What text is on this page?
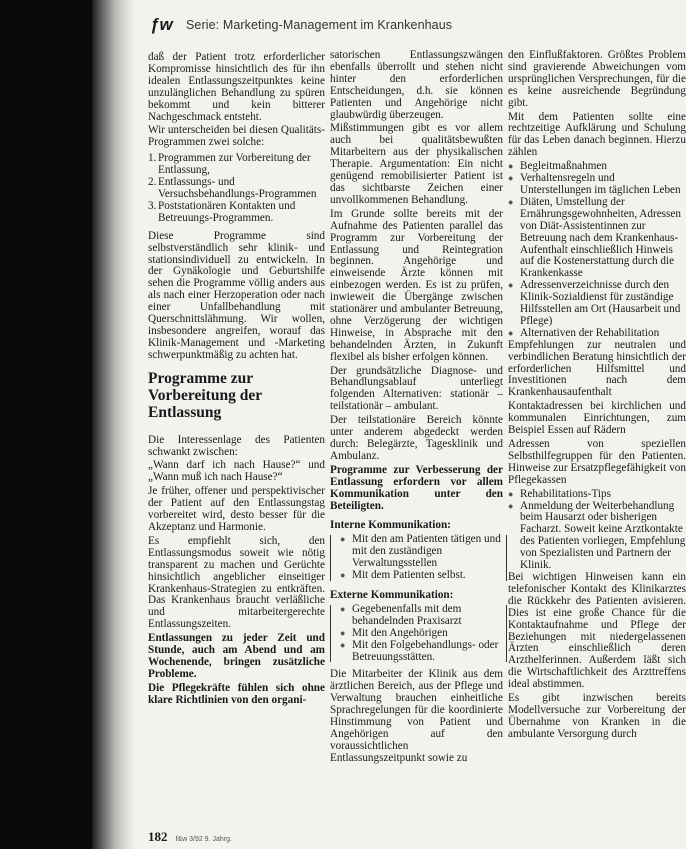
ƒw	Serie: Marketing-Management im Krankenhaus

daß der Patient trotz erforderlicher Kompromisse hinsichtlich des für ihn idealen Entlassungszeitpunktes keine unzulänglichen Behandlung zu spüren bekommt und kein bitterer Nachgeschmack entsteht.

Wir unterscheiden bei diesen Qualitäts-Programmen zwei solche:

1. Programmen zur Vorbereitung der Entlassung,
2. Entlassungs- und Versuchsbehandlungs-Programmen
3. Poststationären Kontakten und Betreuungs-Programmen.

Diese Programme sind selbstverständlich sehr klinik- und stationsindividuell zu entwickeln. In der Gynäkologie und Geburtshilfe sehen die Programme völlig anders aus als nach einer Herzoperation oder nach einer Unfallbehandlung mit Querschnittslähmung. Wir wollen, insbesondere angreifen, worauf das Klinik-Management und -Marketing schwerpunktmäßig zu achten hat.

Programme zur Vorbereitung der Entlassung

Die Interessenlage des Patienten schwankt zwischen:

„Wann darf ich nach Hause?“ und „Wann muß ich nach Hause?“

Je früher, offener und perspektivischer der Patient auf den Entlassungstag vorbereitet wird, desto besser für die Akzeptanz und Harmonie.

Es empfiehlt sich, den Entlassungsmodus soweit wie nötig transparent zu machen und Gerüchte hinsichtlich angeblicher einseitiger Krankenhaus-Strategien zu entkräften. Das Krankenhaus braucht verläßliche und mitarbeitergerechte Entlassungszeiten.

Entlassungen zu jeder Zeit und Stunde, auch am Abend und am Wochenende, bringen zusätzliche Probleme.

Die Pflegekräfte fühlen sich ohne klare Richtlinien von den organi-

satorischen Entlassungszwängen ebenfalls überrollt und stehen nicht hinter den erforderlichen Entscheidungen, d.h. sie können Patienten und Angehörige nicht glaubwürdig überzeugen.

Mißstimmungen gibt es vor allem auch bei qualitätsbewußten Mitarbeitern aus der physikalischen Therapie. Argumentation: Ein nicht genügend remobilisierter Patient ist das sichtbarste Zeichen einer unvollkommenen Behandlung.

Im Grunde sollte bereits mit der Aufnahme des Patienten parallel das Programm zur Vorbereitung der Entlassung und Reintegration beginnen. Angehörige und einweisende Ärzte können mit einbezogen werden. Es ist zu prüfen, inwieweit die Übergänge zwischen stationärer und ambulanter Betreuung, ohne Verzögerung der wichtigen Hinweise, in Absprache mit den behandelnden Ärzten, in Zukunft flexibel als bisher erfolgen können.

Der grundsätzliche Diagnose- und Behandlungsablauf unterliegt folgenden Alternativen: stationär – teilstationär – ambulant.

Der teilstationäre Bereich könnte unter anderem abgedeckt werden durch: Belegärzte, Tagesklinik und Ambulanz.

Programme zur Verbesserung der Entlassung erfordern vor allem Kommunikation unter den Beteiligten.

Interne Kommunikation:
● Mit den am Patienten tätigen und mit den zuständigen Verwaltungsstellen
● Mit dem Patienten selbst.
Externe Kommunikation:
● Gegebenenfalls mit dem behandelnden Praxisarzt
● Mit den Angehörigen
● Mit den Folgebehandlungs- oder Betreuungsstätten.

Die Mitarbeiter der Klinik aus dem ärztlichen Bereich, aus der Pflege und Verwaltung brauchen einheitliche Sprachregelungen für die koordinierte Hinstimmung von Patient und Angehörigen auf den voraussichtlichen Entlassungszeitpunkt sowie zu

den Einflußfaktoren. Größtes Problem sind gravierende Abweichungen vom ursprünglichen Versprechungen, für die es keine ausreichende Begründung gibt.

Mit dem Patienten sollte eine rechtzeitige Aufklärung und Schulung für das Leben danach beginnen. Hierzu zählen

● Begleitmaßnahmen
● Verhaltensregeln und Unterstellungen im täglichen Leben
● Diäten, Umstellung der Ernährungsgewohnheiten, Adressen von Diät-Assistentinnen zur Betreuung nach dem Krankenhaus-Aufenthalt einschließlich Hinweis auf die Kostenerstattung durch die Krankenkasse
● Adressenverzeichnisse durch den Klinik-Sozialdienst für zuständige Hilfsstellen am Ort (Hausarbeit und Pflege)
● Alternativen der Rehabilitation

Empfehlungen zur neutralen und verbindlichen Beratung hinsichtlich der erforderlichen Hilfsmittel und Investitionen nach dem Krankenhausaufenthalt

Kontaktadressen bei kirchlichen und kommunalen Einrichtungen, zum Beispiel Essen auf Rädern

Adressen von speziellen Selbsthilfegruppen für den Patienten. Hinweise zur Ersatzpflegefähigkeit von Pflegekassen

● Rehabilitations-Tips
● Anmeldung der Weiterbehandlung beim Hausarzt oder bisherigen Facharzt. Soweit keine Arztkontakte des Patienten vorliegen, Empfehlung von Spezialisten und Partnern der Klinik.

Bei wichtigen Hinweisen kann ein telefonischer Kontakt des Klinikarztes die Rückkehr des Patienten avisieren. Dies ist eine große Chance für die Kontaktaufnahme und Pflege der Beziehungen mit niedergelassenen Ärzten einschließlich deren Arzthelferinnen. Außerdem läßt sich die Wirtschaftlichkeit des Arzttreffens ideal abstimmen.

Es gibt inzwischen bereits Modellversuche zur Vorbereitung der Übernahme von Kranken in die ambulante Versorgung durch

182 f&w 3/92 9. Jahrg.
